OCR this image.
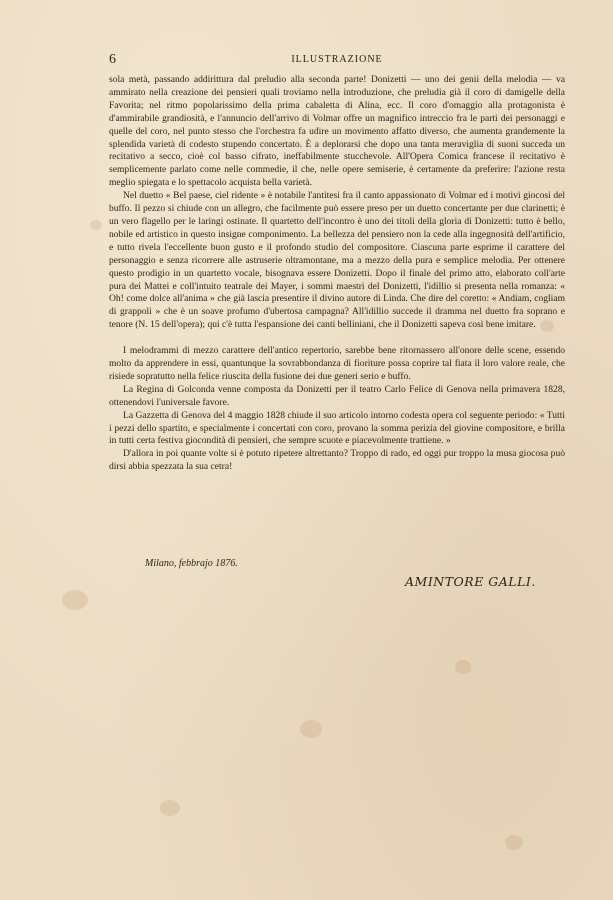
6	ILLUSTRAZIONE

sola metà, passando addirittura dal preludio alla seconda parte! Donizetti — uno dei genii della melodia — va ammirato nella creazione dei pensieri quali troviamo nella introduzione, che preludia già il coro di damigelle della Favorita; nel ritmo popolarissimo della prima cabaletta di Alina, ecc. Il coro d'omaggio alla protagonista è d'ammirabile grandiosità, e l'annuncio dell'arrivo di Volmar offre un magnifico intreccio fra le parti dei personaggi e quelle del coro, nel punto stesso che l'orchestra fa udire un movimento affatto diverso, che aumenta grandemente la splendida varietà di codesto stupendo concertato. È a deplorarsi che dopo una tanta meraviglia di suoni succeda un recitativo a secco, cioè col basso cifrato, ineffabilmente stucchevole. All'Opera Comica francese il recitativo è semplicemente parlato come nelle commedie, il che, nelle opere semiserie, è certamente da preferire: l'azione resta meglio spiegata e lo spettacolo acquista bella varietà.

Nel duetto « Bel paese, ciel ridente » è notabile l'antitesi fra il canto appassionato di Volmar ed i motivi giocosi del buffo. Il pezzo si chiude con un allegro, che facilmente può essere preso per un duetto concertante per due clarinetti; è un vero flagello per le laringi ostinate. Il quartetto dell'incontro è uno dei titoli della gloria di Donizetti: tutto è bello, nobile ed artistico in questo insigne componimento. La bellezza del pensiero non la cede alla ingegnosità dell'artificio, e tutto rivela l'eccellente buon gusto e il profondo studio del compositore. Ciascuna parte esprime il carattere del personaggio e senza ricorrere alle astruserie oltramontane, ma a mezzo della pura e semplice melodia. Per ottenere questo prodigio in un quartetto vocale, bisognava essere Donizetti. Dopo il finale del primo atto, elaborato coll'arte pura dei Mattei e coll'intuito teatrale dei Mayer, i sommi maestri del Donizetti, l'idillio si presenta nella romanza: « Oh! come dolce all'anima » che già lascia presentire il divino autore di Linda. Che dire del coretto: « Andiam, cogliam di grappoli » che è un soave profumo d'ubertosa campagna? All'idillio succede il dramma nel duetto fra soprano e tenore (N. 15 dell'opera); qui c'è tutta l'espansione dei canti belliniani, che il Donizetti sapeva così bene imitare.

I melodrammi di mezzo carattere dell'antico repertorio, sarebbe bene ritornassero all'onore delle scene, essendo molto da apprendere in essi, quantunque la sovrabbondanza di fioriture possa coprire tal fiata il loro valore reale, che risiede sopratutto nella felice riuscita della fusione dei due generi serio e buffo.

La Regina di Golconda venne composta da Donizetti per il teatro Carlo Felice di Genova nella primavera 1828, ottenendovi l'universale favore.

La Gazzetta di Genova del 4 maggio 1828 chiude il suo articolo intorno codesta opera col seguente periodo: « Tutti i pezzi dello spartito, e specialmente i concertati con coro, provano la somma perizia del giovine compositore, e brilla in tutti certa festiva giocondità di pensieri, che sempre scuote e piacevolmente trattiene. »

D'allora in poi quante volte si è potuto ripetere altrettanto? Troppo di rado, ed oggi pur troppo la musa giocosa può dirsi abbia spezzata la sua cetra!

Milano, febbrajo 1876.
AMINTORE GALLI.
